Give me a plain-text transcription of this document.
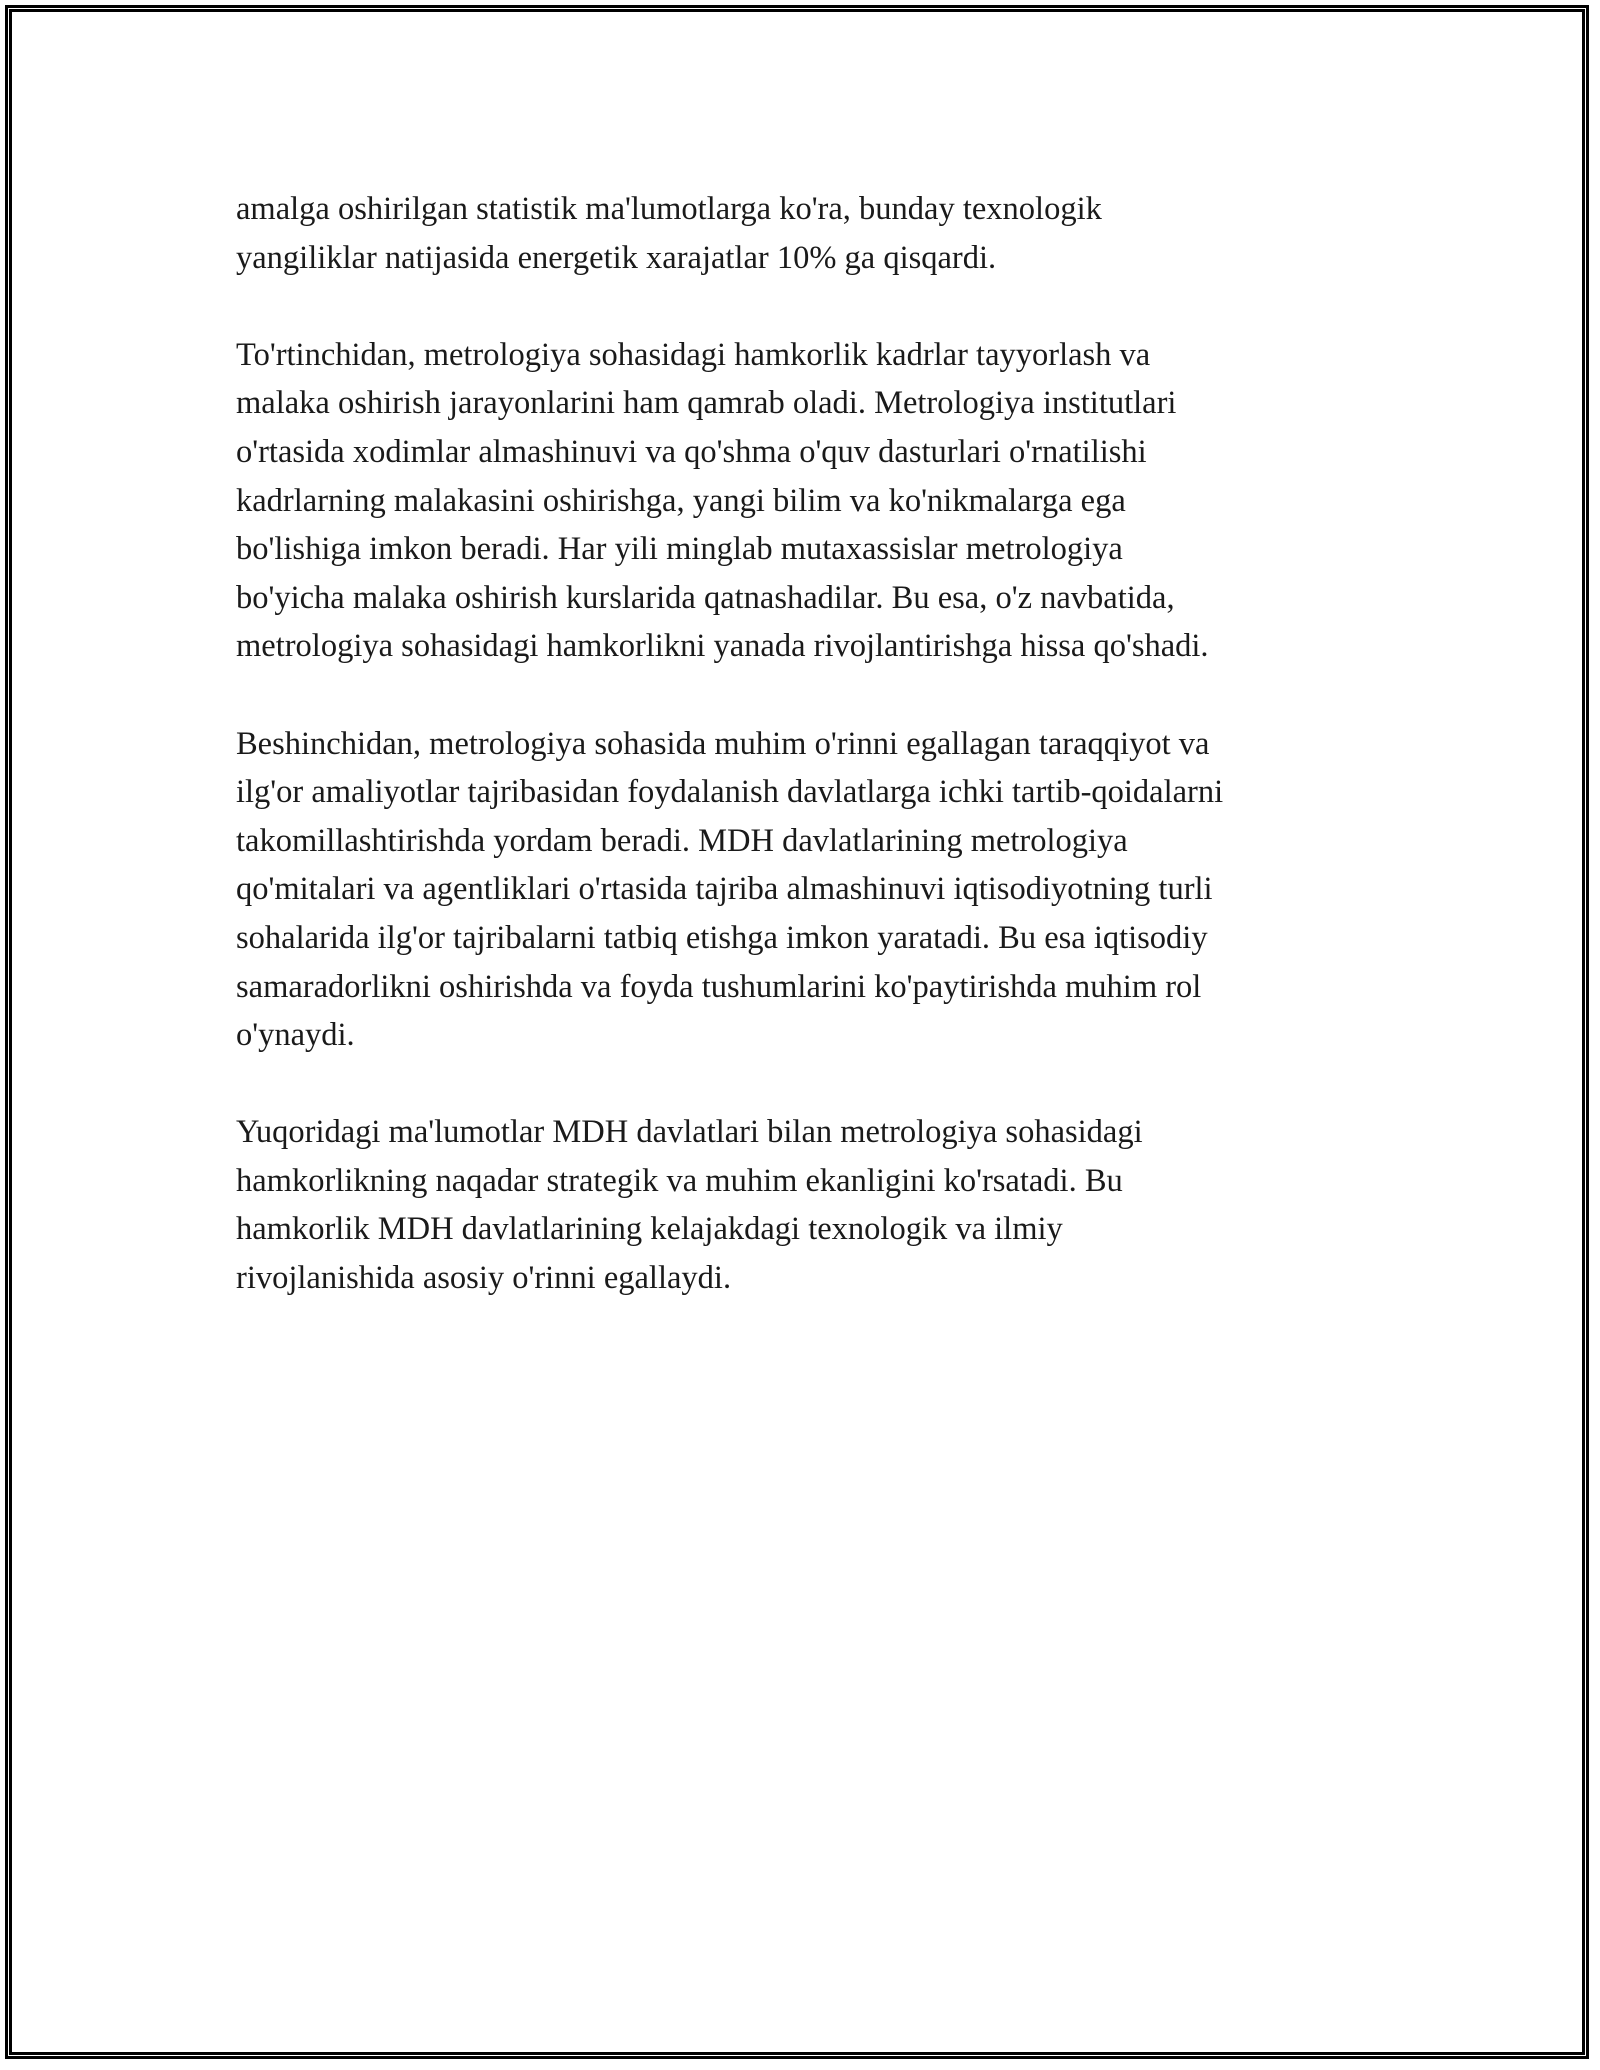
amalga oshirilgan statistik ma'lumotlarga ko'ra, bunday texnologik
yangiliklar natijasida energetik xarajatlar 10% ga qisqardi.

To'rtinchidan, metrologiya sohasidagi hamkorlik kadrlar tayyorlash va
malaka oshirish jarayonlarini ham qamrab oladi. Metrologiya institutlari
o'rtasida xodimlar almashinuvi va qo'shma o'quv dasturlari o'rnatilishi
kadrlarning malakasini oshirishga, yangi bilim va ko'nikmalarga ega
bo'lishiga imkon beradi. Har yili minglab mutaxassislar metrologiya
bo'yicha malaka oshirish kurslarida qatnashadilar. Bu esa, o'z navbatida,
metrologiya sohasidagi hamkorlikni yanada rivojlantirishga hissa qo'shadi.

Beshinchidan, metrologiya sohasida muhim o'rinni egallagan taraqqiyot va
ilg'or amaliyotlar tajribasidan foydalanish davlatlarga ichki tartib-qoidalarni
takomillashtirishda yordam beradi. MDH davlatlarining metrologiya
qo'mitalari va agentliklari o'rtasida tajriba almashinuvi iqtisodiyotning turli
sohalarida ilg'or tajribalarni tatbiq etishga imkon yaratadi. Bu esa iqtisodiy
samaradorlikni oshirishda va foyda tushumlarini ko'paytirishda muhim rol
o'ynaydi.

Yuqoridagi ma'lumotlar MDH davlatlari bilan metrologiya sohasidagi
hamkorlikning naqadar strategik va muhim ekanligini ko'rsatadi. Bu
hamkorlik MDH davlatlarining kelajakdagi texnologik va ilmiy
rivojlanishida asosiy o'rinni egallaydi.
